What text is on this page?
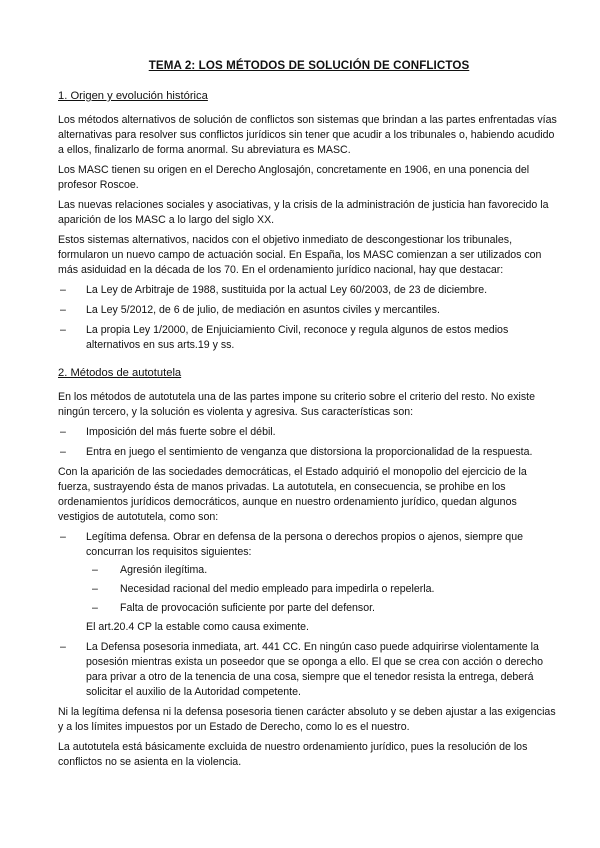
TEMA 2: LOS MÉTODOS DE SOLUCIÓN DE CONFLICTOS
1. Origen y evolución histórica

Los métodos alternativos de solución de conflictos son sistemas que brindan a las partes enfrentadas vías alternativas para resolver sus conflictos jurídicos sin tener que acudir a los tribunales o, habiendo acudido a ellos, finalizarlo de forma anormal. Su abreviatura es MASC.

Los MASC tienen su origen en el Derecho Anglosajón, concretamente en 1906, en una ponencia del profesor Roscoe.

Las nuevas relaciones sociales y asociativas, y la crisis de la administración de justicia han favorecido la aparición de los MASC a lo largo del siglo XX.

Estos sistemas alternativos, nacidos con el objetivo inmediato de descongestionar los tribunales, formularon un nuevo campo de actuación social. En España, los MASC comienzan a ser utilizados con más asiduidad en la década de los 70. En el ordenamiento jurídico nacional, hay que destacar:

– La Ley de Arbitraje de 1988, sustituida por la actual Ley 60/2003, de 23 de diciembre.
– La Ley 5/2012, de 6 de julio, de mediación en asuntos civiles y mercantiles.
– La propia Ley 1/2000, de Enjuiciamiento Civil, reconoce y regula algunos de estos medios alternativos en sus arts.19 y ss.
2. Métodos de autotutela

En los métodos de autotutela una de las partes impone su criterio sobre el criterio del resto. No existe ningún tercero, y la solución es violenta y agresiva. Sus características son:

– Imposición del más fuerte sobre el débil.
– Entra en juego el sentimiento de venganza que distorsiona la proporcionalidad de la respuesta.

Con la aparición de las sociedades democráticas, el Estado adquirió el monopolio del ejercicio de la fuerza, sustrayendo ésta de manos privadas. La autotutela, en consecuencia, se prohibe en los ordenamientos jurídicos democráticos, aunque en nuestro ordenamiento jurídico, quedan algunos vestigios de autotutela, como son:

– Legítima defensa. Obrar en defensa de la persona o derechos propios o ajenos, siempre que concurran los requisitos siguientes:
– Agresión ilegítima.
– Necesidad racional del medio empleado para impedirla o repelerla.
– Falta de provocación suficiente por parte del defensor.
El art.20.4 CP la estable como causa eximente.
– La Defensa posesoria inmediata, art. 441 CC. En ningún caso puede adquirirse violentamente la posesión mientras exista un poseedor que se oponga a ello. El que se crea con acción o derecho para privar a otro de la tenencia de una cosa, siempre que el tenedor resista la entrega, deberá solicitar el auxilio de la Autoridad competente.

Ni la legítima defensa ni la defensa posesoria tienen carácter absoluto y se deben ajustar a las exigencias y a los límites impuestos por un Estado de Derecho, como lo es el nuestro.

La autotutela está básicamente excluida de nuestro ordenamiento jurídico, pues la resolución de los conflictos no se asienta en la violencia.
